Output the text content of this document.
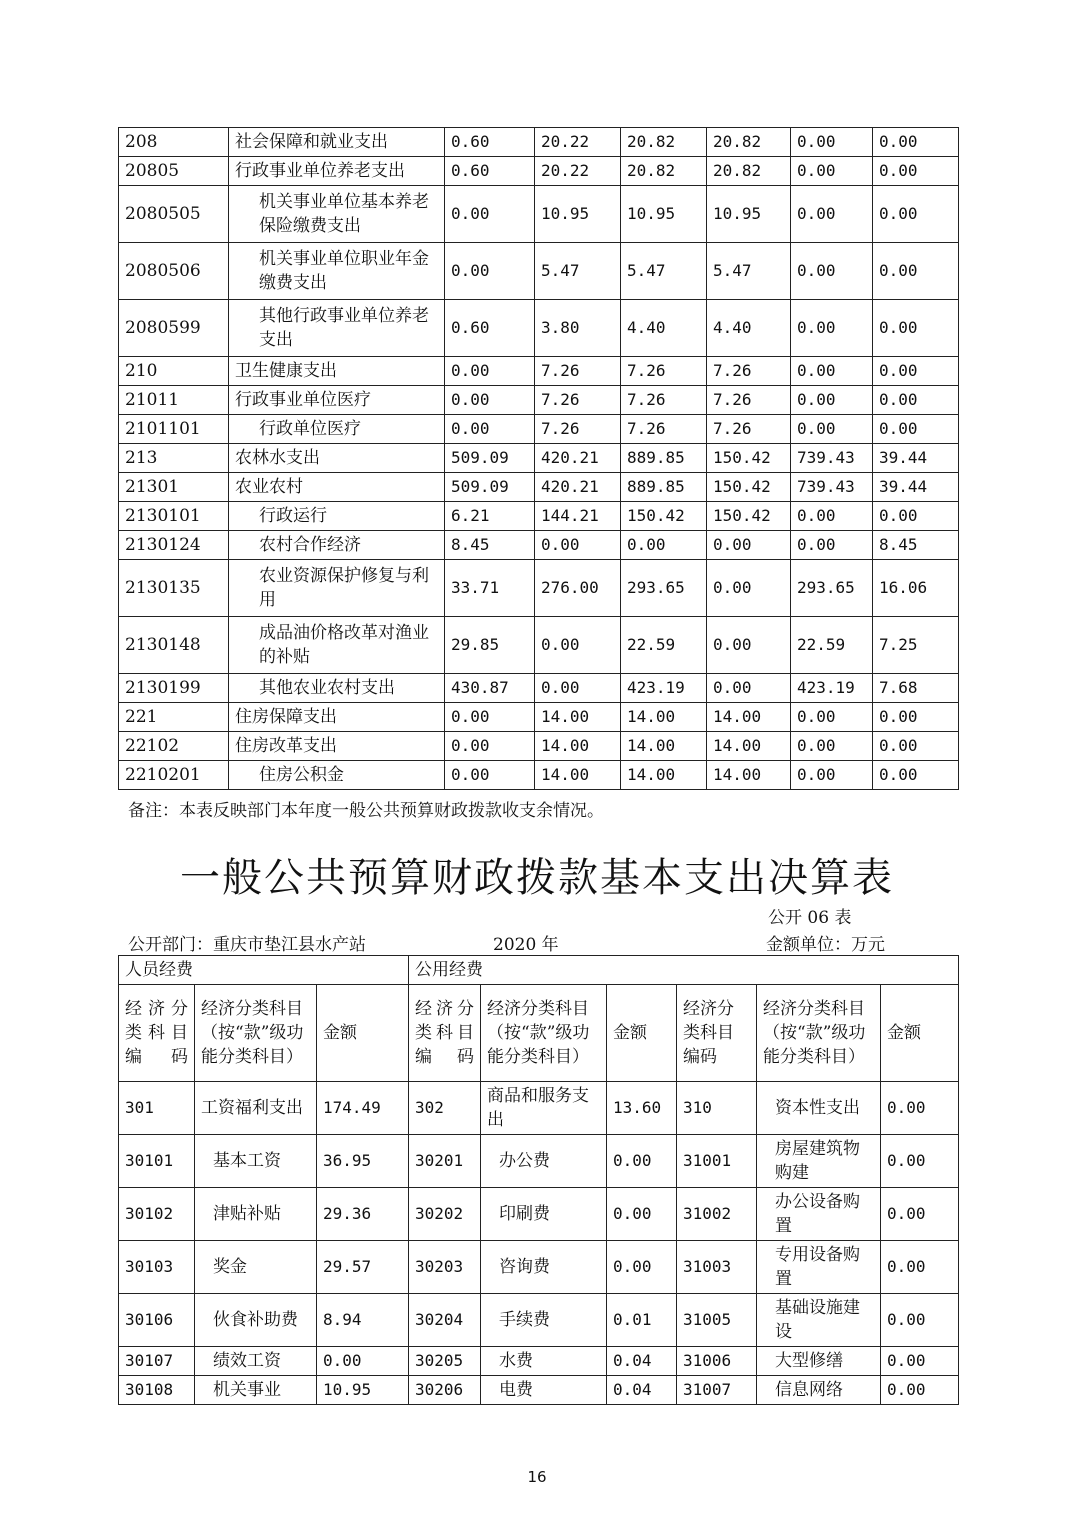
208	社会保障和就业支出	0.60	20.22	20.82	20.82	0.00	0.00
20805	行政事业单位养老支出	0.60	20.22	20.82	20.82	0.00	0.00
2080505	机关事业单位基本养老保险缴费支出	0.00	10.95	10.95	10.95	0.00	0.00
2080506	机关事业单位职业年金缴费支出	0.00	5.47	5.47	5.47	0.00	0.00
2080599	其他行政事业单位养老支出	0.60	3.80	4.40	4.40	0.00	0.00
210	卫生健康支出	0.00	7.26	7.26	7.26	0.00	0.00
21011	行政事业单位医疗	0.00	7.26	7.26	7.26	0.00	0.00
2101101	行政单位医疗	0.00	7.26	7.26	7.26	0.00	0.00
213	农林水支出	509.09	420.21	889.85	150.42	739.43	39.44
21301	农业农村	509.09	420.21	889.85	150.42	739.43	39.44
2130101	行政运行	6.21	144.21	150.42	150.42	0.00	0.00
2130124	农村合作经济	8.45	0.00	0.00	0.00	0.00	8.45
2130135	农业资源保护修复与利用	33.71	276.00	293.65	0.00	293.65	16.06
2130148	成品油价格改革对渔业的补贴	29.85	0.00	22.59	0.00	22.59	7.25
2130199	其他农业农村支出	430.87	0.00	423.19	0.00	423.19	7.68
221	住房保障支出	0.00	14.00	14.00	14.00	0.00	0.00
22102	住房改革支出	0.00	14.00	14.00	14.00	0.00	0.00
2210201	住房公积金	0.00	14.00	14.00	14.00	0.00	0.00
备注：本表反映部门本年度一般公共预算财政拨款收支余情况。
一般公共预算财政拨款基本支出决算表
公开 06 表
公开部门：重庆市垫江县水产站	2020 年	金额单位：万元
人员经费			公用经费					
经济分类科目编码	经济分类科目（按“款”级功能分类科目）	金额	经济分类科目编码	经济分类科目（按“款”级功能分类科目）	金额	经济分类科目编码	经济分类科目（按“款”级功能分类科目）	金额
301	工资福利支出	174.49	302	商品和服务支出	13.60	310	资本性支出	0.00
30101	基本工资	36.95	30201	办公费	0.00	31001	房屋建筑物购建	0.00
30102	津贴补贴	29.36	30202	印刷费	0.00	31002	办公设备购置	0.00
30103	奖金	29.57	30203	咨询费	0.00	31003	专用设备购置	0.00
30106	伙食补助费	8.94	30204	手续费	0.01	31005	基础设施建设	0.00
30107	绩效工资	0.00	30205	水费	0.04	31006	大型修缮	0.00
30108	机关事业	10.95	30206	电费	0.04	31007	信息网络	0.00
16
